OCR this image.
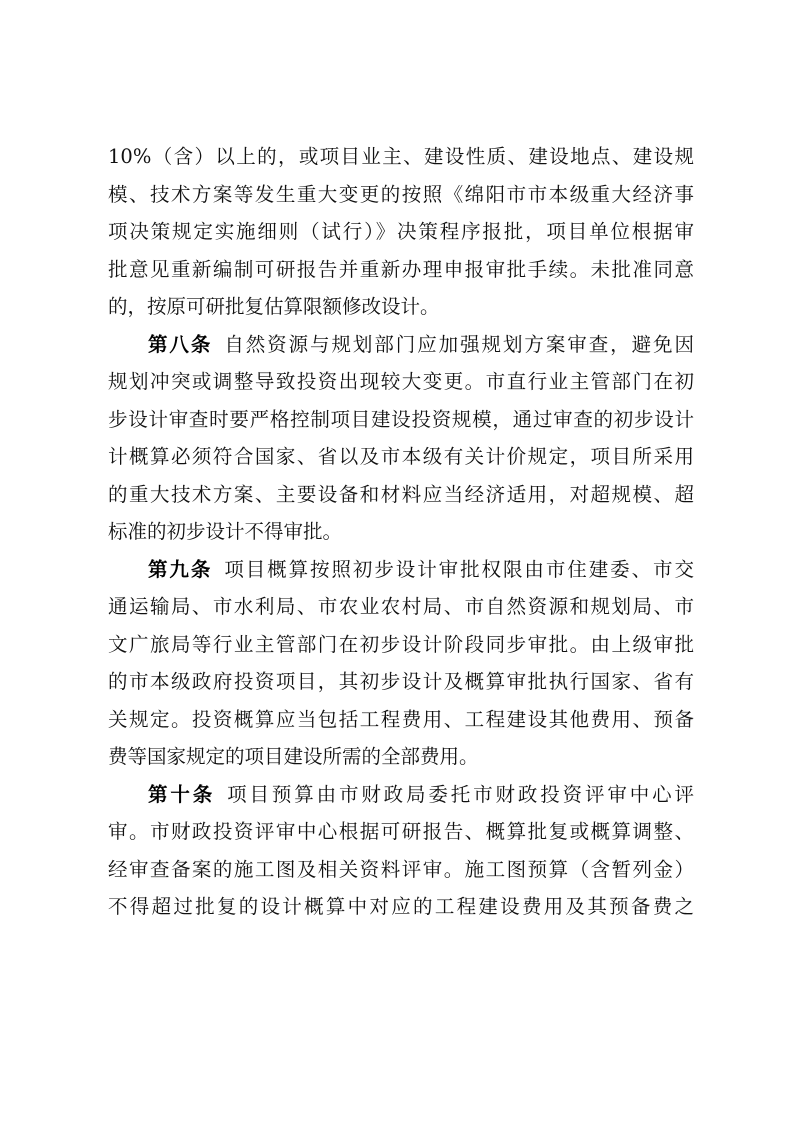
10%（含）以上的，或项目业主、建设性质、建设地点、建设规
模、技术方案等发生重大变更的按照《绵阳市市本级重大经济事
项决策规定实施细则（试行）》决策程序报批，项目单位根据审
批意见重新编制可研报告并重新办理申报审批手续。未批准同意
的，按原可研批复估算限额修改设计。
第八条 自然资源与规划部门应加强规划方案审查，避免因
规划冲突或调整导致投资出现较大变更。市直行业主管部门在初
步设计审查时要严格控制项目建设投资规模，通过审查的初步设计
计概算必须符合国家、省以及市本级有关计价规定，项目所采用
的重大技术方案、主要设备和材料应当经济适用，对超规模、超
标准的初步设计不得审批。
第九条 项目概算按照初步设计审批权限由市住建委、市交
通运输局、市水利局、市农业农村局、市自然资源和规划局、市
文广旅局等行业主管部门在初步设计阶段同步审批。由上级审批
的市本级政府投资项目，其初步设计及概算审批执行国家、省有
关规定。投资概算应当包括工程费用、工程建设其他费用、预备
费等国家规定的项目建设所需的全部费用。
第十条 项目预算由市财政局委托市财政投资评审中心评
审。市财政投资评审中心根据可研报告、概算批复或概算调整、
经审查备案的施工图及相关资料评审。施工图预算（含暂列金）
不得超过批复的设计概算中对应的工程建设费用及其预备费之
